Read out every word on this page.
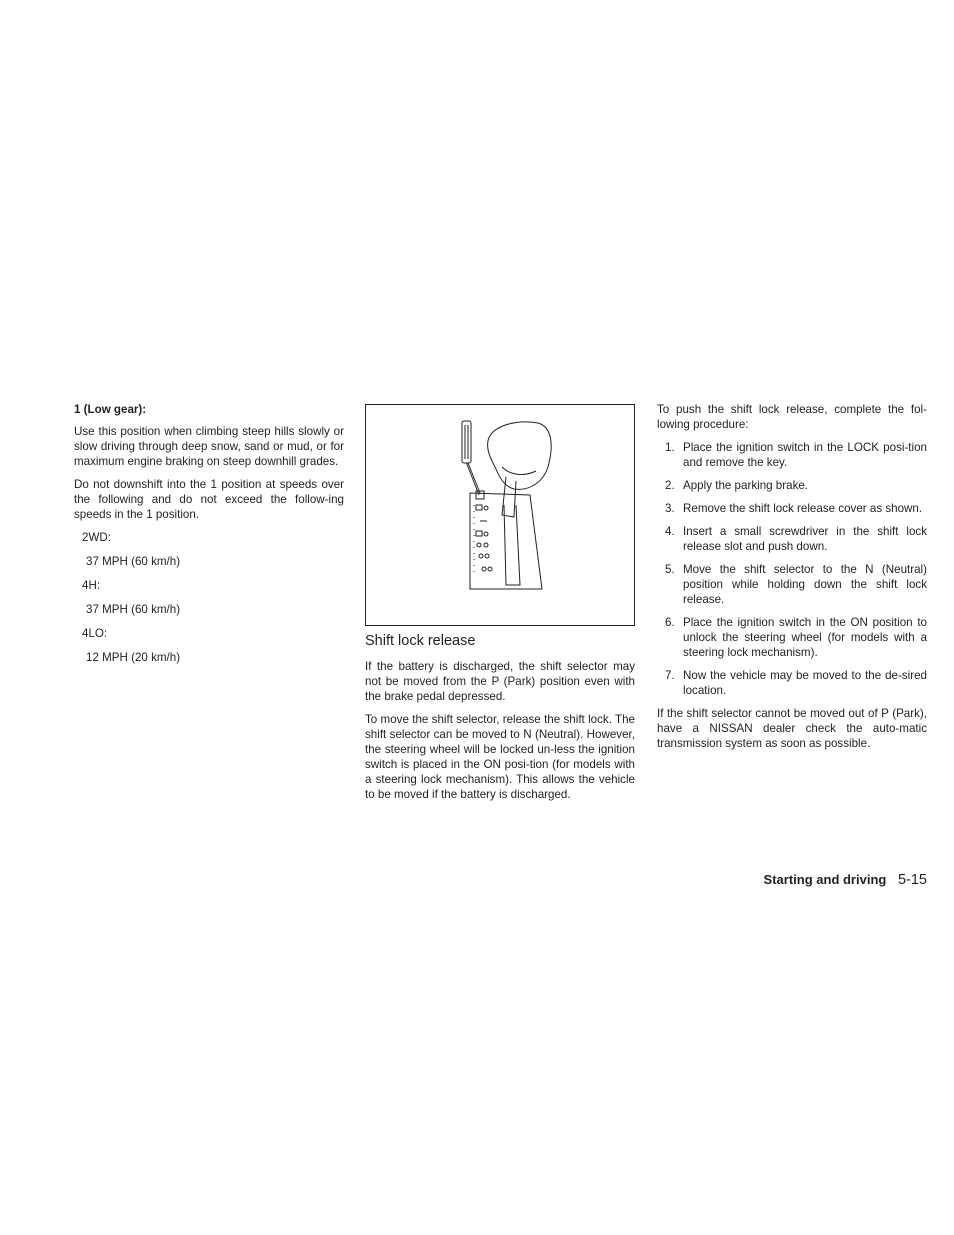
1 (Low gear):

Use this position when climbing steep hills slowly or slow driving through deep snow, sand or mud, or for maximum engine braking on steep downhill grades.

Do not downshift into the 1 position at speeds over the following and do not exceed the follow-ing speeds in the 1 position.

2WD:
37 MPH (60 km/h)
4H:
37 MPH (60 km/h)
4LO:
12 MPH (20 km/h)
Shift lock release

If the battery is discharged, the shift selector may not be moved from the P (Park) position even with the brake pedal depressed.

To move the shift selector, release the shift lock. The shift selector can be moved to N (Neutral). However, the steering wheel will be locked un-less the ignition switch is placed in the ON posi-tion (for models with a steering lock mechanism). This allows the vehicle to be moved if the battery is discharged.

To push the shift lock release, complete the fol-lowing procedure:

1. Place the ignition switch in the LOCK posi-tion and remove the key.
2. Apply the parking brake.
3. Remove the shift lock release cover as shown.
4. Insert a small screwdriver in the shift lock release slot and push down.
5. Move the shift selector to the N (Neutral) position while holding down the shift lock release.
6. Place the ignition switch in the ON position to unlock the steering wheel (for models with a steering lock mechanism).
7. Now the vehicle may be moved to the de-sired location.

If the shift selector cannot be moved out of P (Park), have a NISSAN dealer check the auto-matic transmission system as soon as possible.

Starting and driving 5-15
